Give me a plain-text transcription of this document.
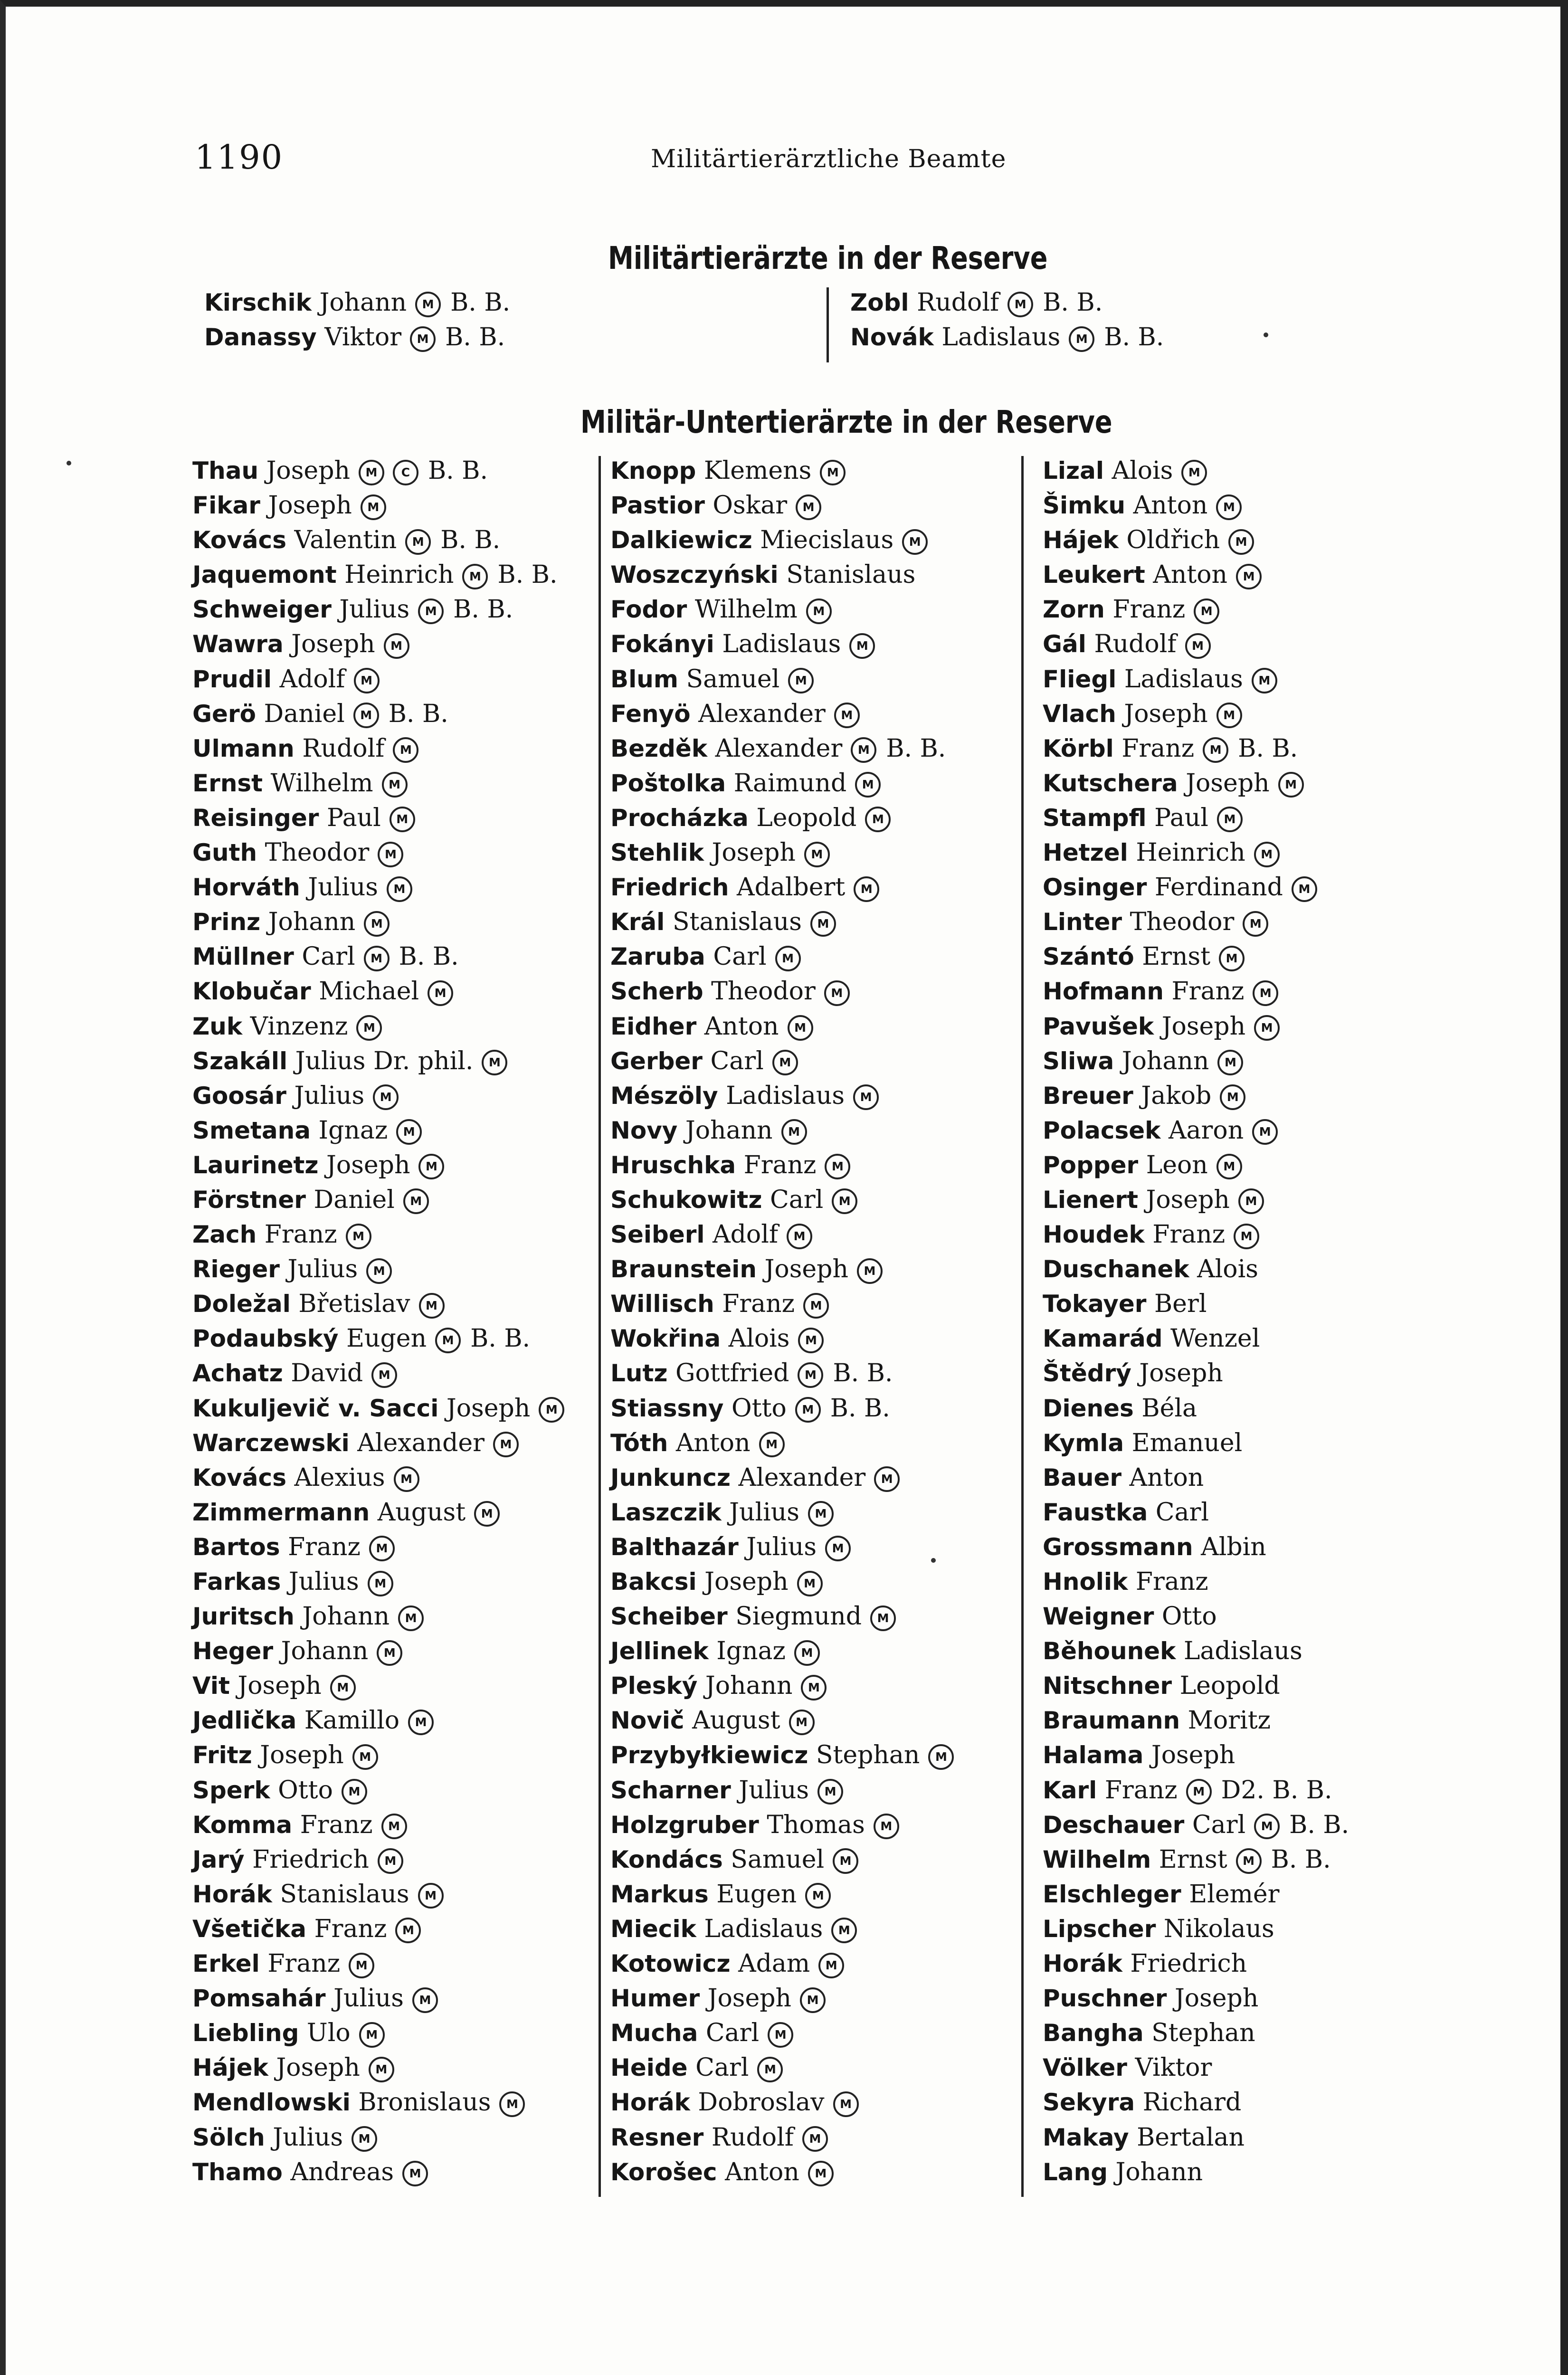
1190	Militärtierärztliche Beamte
Militärtierärzte in der Reserve
Kirschik Johann M B. B.
Danassy Viktor M B. B.
Zobl Rudolf M B. B.
Novák Ladislaus M B. B.
Militär-Untertierärzte in der Reserve
Thau Joseph M C B. B.
Fikar Joseph M
Kovács Valentin M B. B.
Jaquemont Heinrich M B. B.
Schweiger Julius M B. B.
Wawra Joseph M
Prudil Adolf M
Gerö Daniel M B. B.
Ulmann Rudolf M
Ernst Wilhelm M
Reisinger Paul M
Guth Theodor M
Horváth Julius M
Prinz Johann M
Müllner Carl M B. B.
Klobučar Michael M
Zuk Vinzenz M
Szakáll Julius Dr. phil. M
Goosár Julius M
Smetana Ignaz M
Laurinetz Joseph M
Förstner Daniel M
Zach Franz M
Rieger Julius M
Doležal Břetislav M
Podaubský Eugen M B. B.
Achatz David M
Kukuljevič v. Sacci Joseph M
Warczewski Alexander M
Kovács Alexius M
Zimmermann August M
Bartos Franz M
Farkas Julius M
Juritsch Johann M
Heger Johann M
Vit Joseph M
Jedlička Kamillo M
Fritz Joseph M
Sperk Otto M
Komma Franz M
Jarý Friedrich M
Horák Stanislaus M
Všetička Franz M
Erkel Franz M
Pomsahár Julius M
Liebling Ulo M
Hájek Joseph M
Mendlowski Bronislaus M
Sölch Julius M
Thamo Andreas M
Knopp Klemens M
Pastior Oskar M
Dalkiewicz Miecislaus M
Woszczyński Stanislaus
Fodor Wilhelm M
Fokányi Ladislaus M
Blum Samuel M
Fenyö Alexander M
Bezděk Alexander M B. B.
Poštolka Raimund M
Procházka Leopold M
Stehlik Joseph M
Friedrich Adalbert M
Král Stanislaus M
Zaruba Carl M
Scherb Theodor M
Eidher Anton M
Gerber Carl M
Mészöly Ladislaus M
Novy Johann M
Hruschka Franz M
Schukowitz Carl M
Seiberl Adolf M
Braunstein Joseph M
Willisch Franz M
Wokřina Alois M
Lutz Gottfried M B. B.
Stiassny Otto M B. B.
Tóth Anton M
Junkuncz Alexander M
Laszczik Julius M
Balthazár Julius M
Bakcsi Joseph M
Scheiber Siegmund M
Jellinek Ignaz M
Pleský Johann M
Novič August M
Przybyłkiewicz Stephan M
Scharner Julius M
Holzgruber Thomas M
Kondács Samuel M
Markus Eugen M
Miecik Ladislaus M
Kotowicz Adam M
Humer Joseph M
Mucha Carl M
Heide Carl M
Horák Dobroslav M
Resner Rudolf M
Korošec Anton M
Lizal Alois M
Šimku Anton M
Hájek Oldřich M
Leukert Anton M
Zorn Franz M
Gál Rudolf M
Fliegl Ladislaus M
Vlach Joseph M
Körbl Franz M B. B.
Kutschera Joseph M
Stampfl Paul M
Hetzel Heinrich M
Osinger Ferdinand M
Linter Theodor M
Szántó Ernst M
Hofmann Franz M
Pavušek Joseph M
Sliwa Johann M
Breuer Jakob M
Polacsek Aaron M
Popper Leon M
Lienert Joseph M
Houdek Franz M
Duschanek Alois
Tokayer Berl
Kamarád Wenzel
Štědrý Joseph
Dienes Béla
Kymla Emanuel
Bauer Anton
Faustka Carl
Grossmann Albin
Hnolik Franz
Weigner Otto
Běhounek Ladislaus
Nitschner Leopold
Braumann Moritz
Halama Joseph
Karl Franz M D2. B. B.
Deschauer Carl M B. B.
Wilhelm Ernst M B. B.
Elschleger Elemér
Lipscher Nikolaus
Horák Friedrich
Puschner Joseph
Bangha Stephan
Völker Viktor
Sekyra Richard
Makay Bertalan
Lang Johann
